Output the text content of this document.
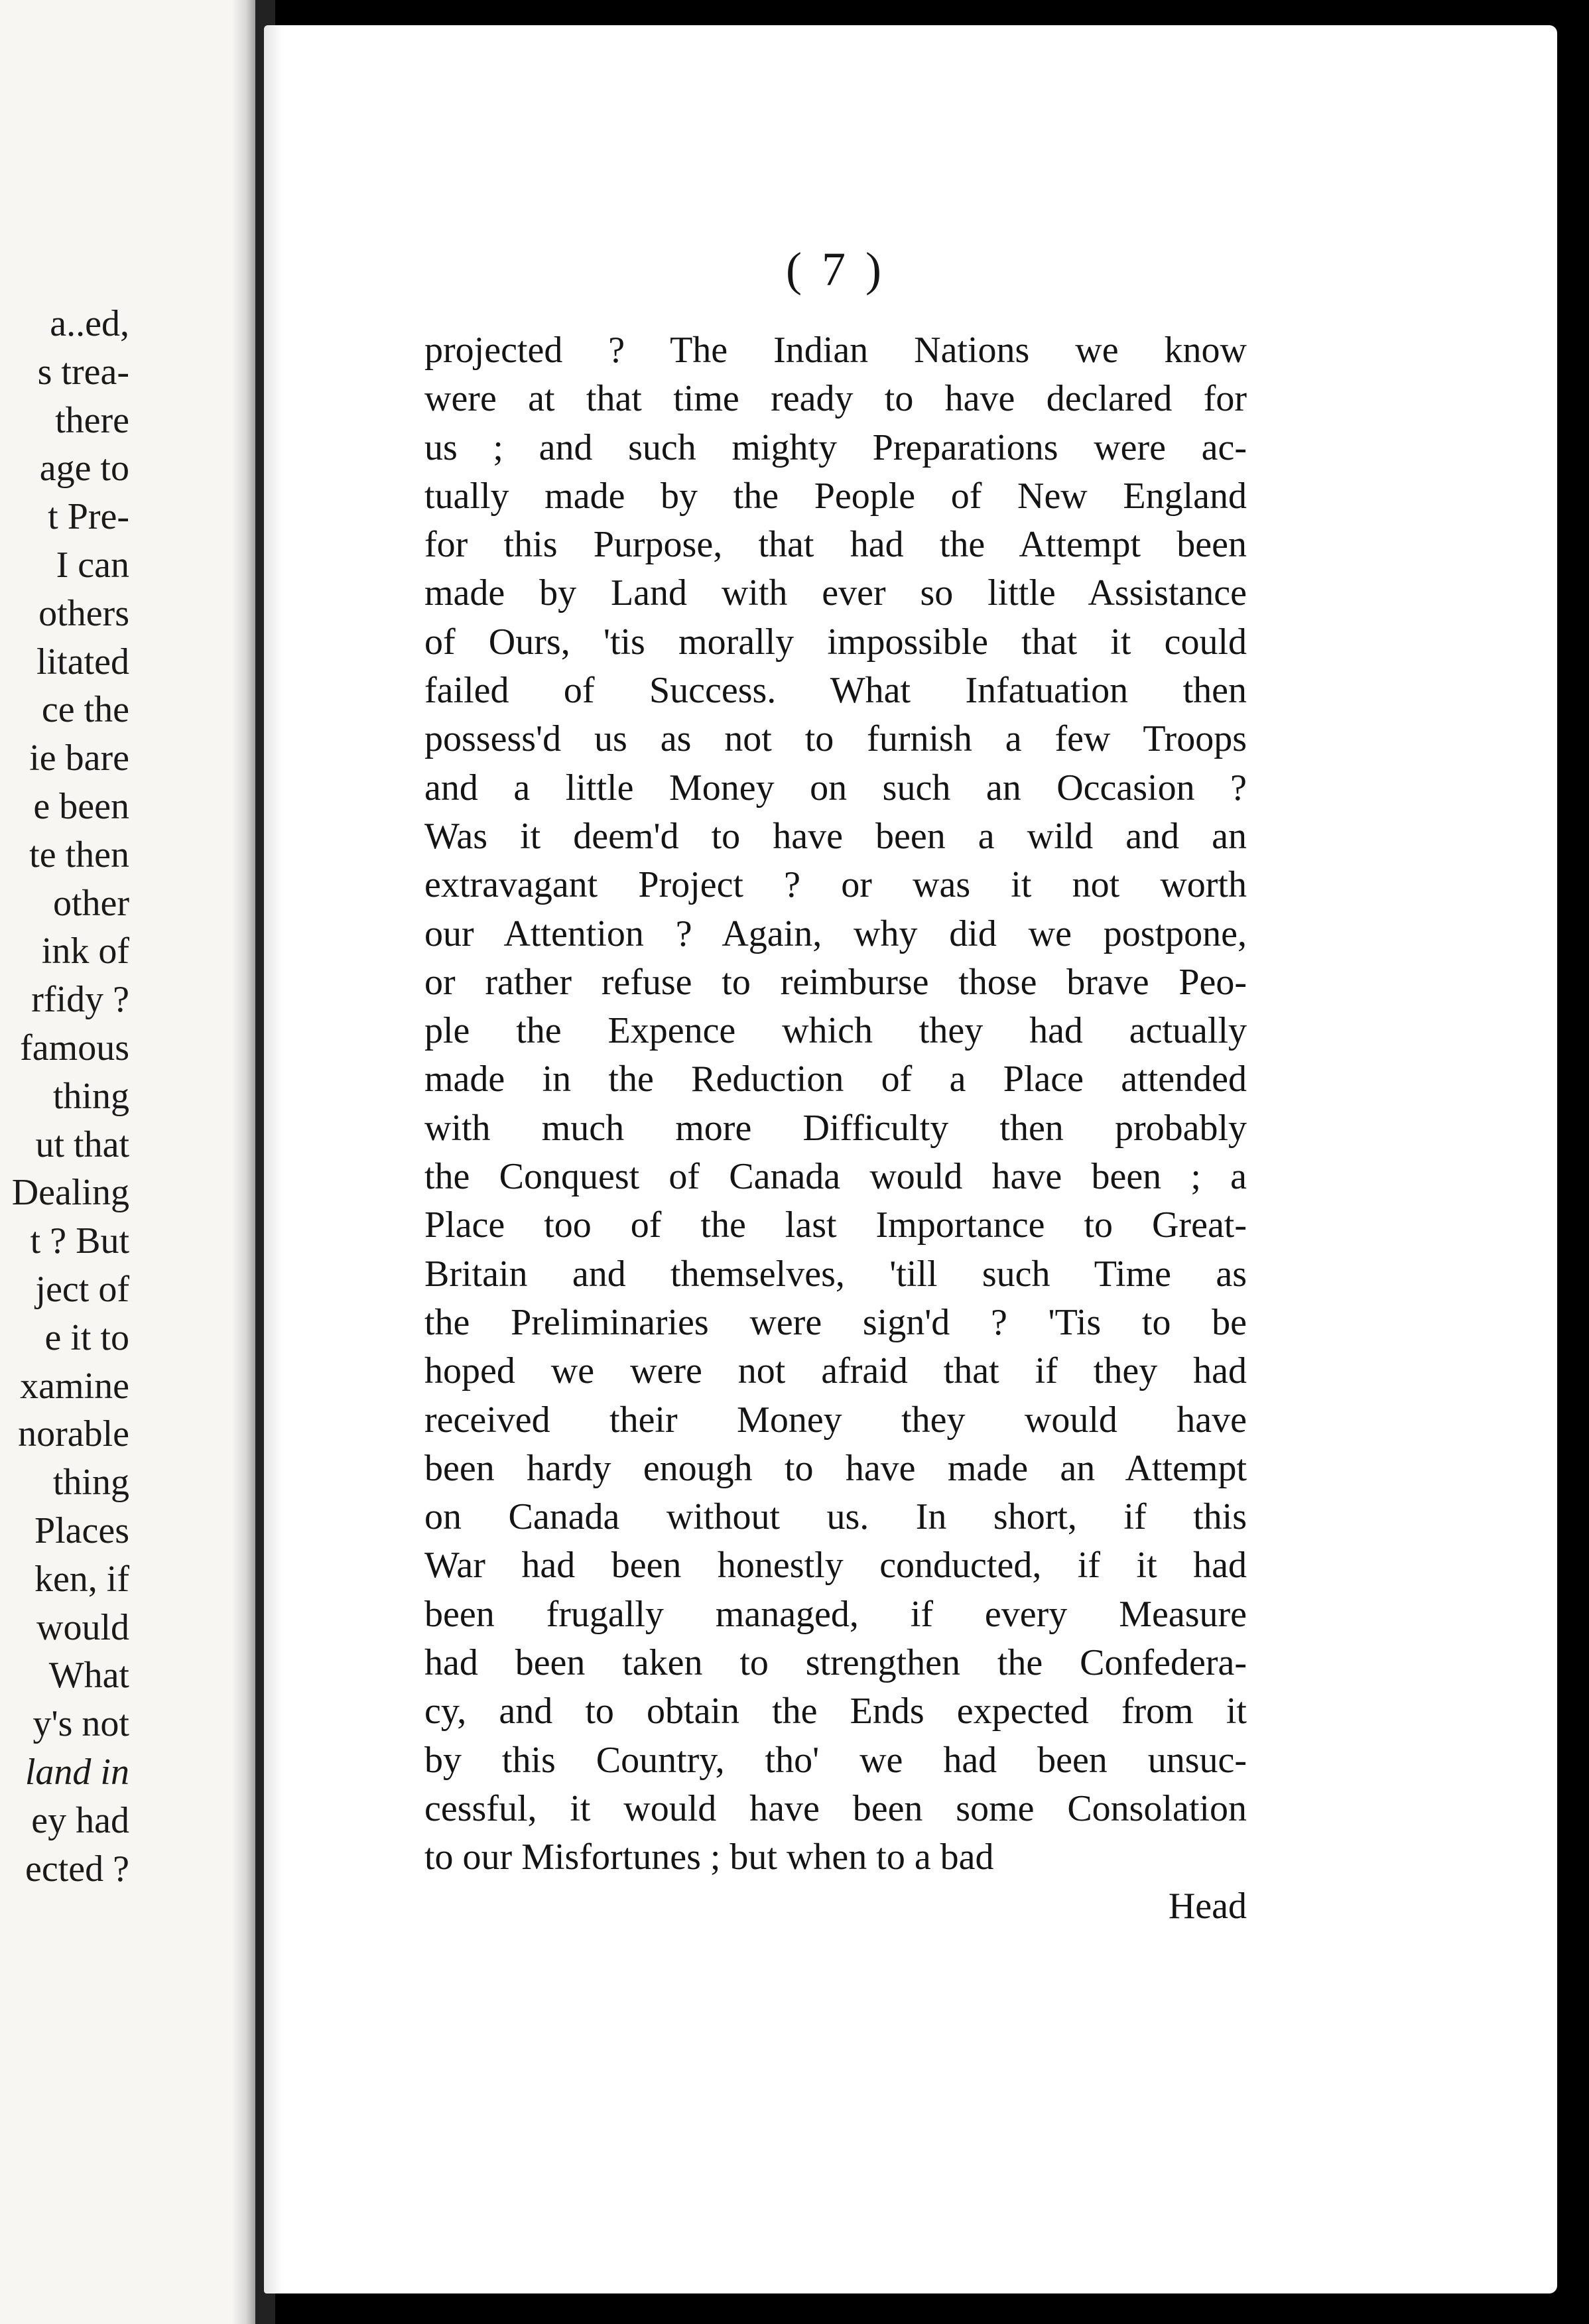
a..ed,
s trea-
there
age to
t Pre-
I can
others
litated
ce the
ie bare
e been
te then
other
ink of
rfidy ?
famous
thing
ut that
Dealing
t ? But
ject of
e it to
xamine
norable
thing
Places
ken, if
would
What
y's not
land in
ey had
ected ?
( 7 )
projected ? The Indian Nations we know
were at that time ready to have declared for
us ; and such mighty Preparations were ac-
tually made by the People of New England
for this Purpose, that had the Attempt been
made by Land with ever so little Assistance
of Ours, 'tis morally impossible that it could
failed of Success. What Infatuation then
possess'd us as not to furnish a few Troops
and a little Money on such an Occasion ?
Was it deem'd to have been a wild and an
extravagant Project ? or was it not worth
our Attention ? Again, why did we postpone,
or rather refuse to reimburse those brave Peo-
ple the Expence which they had actually
made in the Reduction of a Place attended
with much more Difficulty then probably
the Conquest of Canada would have been ; a
Place too of the last Importance to Great-
Britain and themselves, 'till such Time as
the Preliminaries were sign'd ? 'Tis to be
hoped we were not afraid that if they had
received their Money they would have
been hardy enough to have made an Attempt
on Canada without us. In short, if this
War had been honestly conducted, if it had
been frugally managed, if every Measure
had been taken to strengthen the Confedera-
cy, and to obtain the Ends expected from it
by this Country, tho' we had been unsuc-
cessful, it would have been some Consolation
to our Misfortunes ; but when to a bad
Head
